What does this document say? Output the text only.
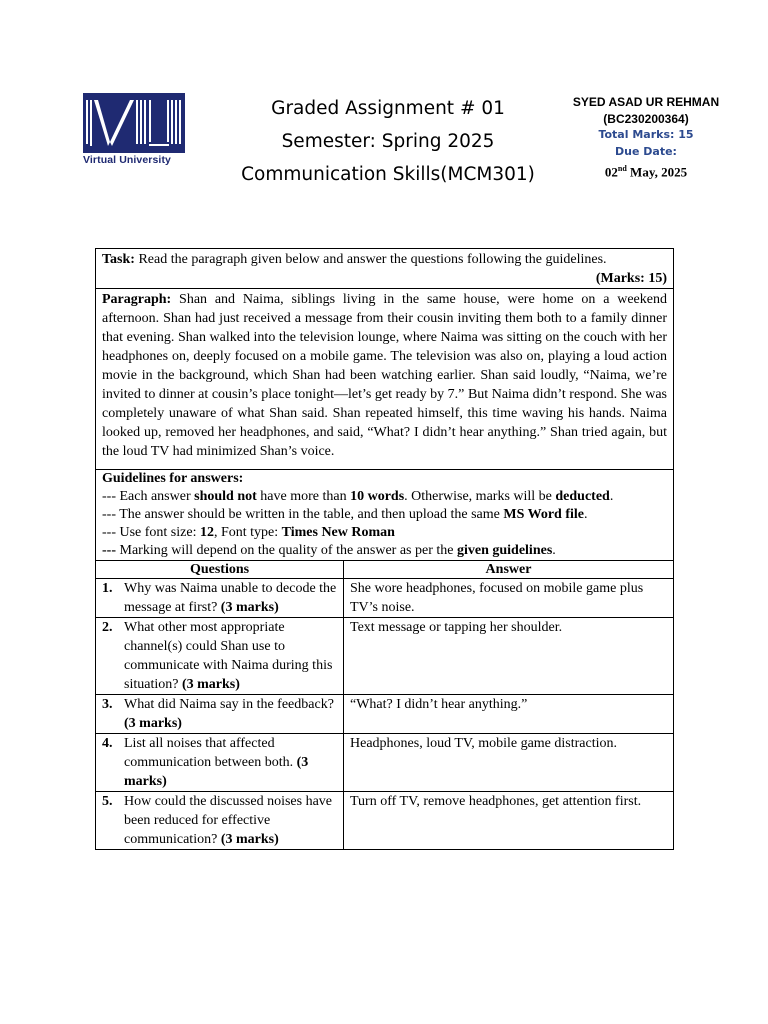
Virtual University
Graded Assignment # 01
Semester: Spring 2025
Communication Skills(MCM301)
SYED ASAD UR REHMAN
(BC230200364)
Total Marks: 15
Due Date:
02nd May, 2025
Task: Read the paragraph given below and answer the questions following the guidelines.
(Marks: 15)	

Paragraph: Shan and Naima, siblings living in the same house, were home on a weekend afternoon. Shan had just received a message from their cousin inviting them both to a family dinner that evening. Shan walked into the television lounge, where Naima was sitting on the couch with her headphones on, deeply focused on a mobile game. The television was also on, playing a loud action movie in the background, which Shan had been watching earlier. Shan said loudly, “Naima, we’re invited to dinner at cousin’s place tonight—let’s get ready by 7.” But Naima didn’t respond. She was completely unaware of what Shan said. Shan repeated himself, this time waving his hands. Naima looked up, removed her headphones, and said, “What? I didn’t hear anything.” Shan tried again, but the loud TV had minimized Shan’s voice.	

Guidelines for answers:
--- Each answer should not have more than 10 words. Otherwise, marks will be deducted.
--- The answer should be written in the table, and then upload the same MS Word file.
--- Use font size: 12, Font type: Times New Roman
--- Marking will depend on the quality of the answer as per the given guidelines.	

Questions	Answer

1. Why was Naima unable to decode the message at first? (3 marks)	She wore headphones, focused on mobile game plus TV’s noise.

2. What other most appropriate channel(s) could Shan use to communicate with Naima during this situation? (3 marks)	Text message or tapping her shoulder.

3. What did Naima say in the feedback? (3 marks)	“What? I didn’t hear anything.”

4. List all noises that affected communication between both. (3 marks)	Headphones, loud TV, mobile game distraction.

5. How could the discussed noises have been reduced for effective communication? (3 marks)	Turn off TV, remove headphones, get attention first.
